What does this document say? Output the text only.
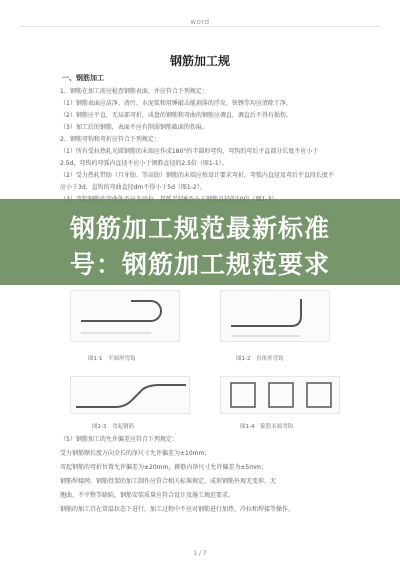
word
钢筋加工规
一、钢筋加工
1、钢筋在加工前应检查钢筋表面，并应符合下列规定：
（1）钢筋表面应洁净、清污、水泥浆和用锤敲击能剥落的浮皮、铁锈等均应清除干净。
（2）钢筋应平直，无局部弯折，成盘的钢筋和弯曲的钢筋应调直，调直后不得有损伤。
（3）加工后的钢筋，表面不应有削弱钢筋截面的伤痕。
2、钢筋弯钩和弯折应符合下列规定：
（1）所有受拉热轧光圆钢筋的末端应作成180°的半圆形弯钩，弯钩的弯后平直部分长度不应小于
2.5d，弯钩的弯弧内直径不应小于钢筋直径的2.5倍（图1-1）。
（2）受力热轧带肋（月牙肋、等高肋）钢筋的末端应按设计要求弯折，弯弧内直径及弯后平直段长度不
应小于3d，直钩的弯曲直径dm不得小于5d（图1-2）。
图1-1　半圆形弯钩	图1-2　直角形弯钩
图1-3　弯起钢筋	图1-4　箍筋末端弯钩
（5）钢筋加工的允许偏差应符合下列规定：
受力钢筋顺长度方向全长的净尺寸允许偏差为±10mm；
弯起钢筋的弯折位置允许偏差为±20mm，箍筋内净尺寸允许偏差为±5mm；
钢筋焊接网、钢筋骨架的加工制作应符合相关标准规定，成形钢筋外观无变形、无
翘曲、不平整等缺陷，钢筋安装质量应符合设计及施工规范要求。
钢筋的加工宜在常温状态下进行，加工过程中不应对钢筋进行加热、冷拉和焊接等操作。
1 / 7
钢筋加工规范最新标准
号：钢筋加工规范要求
